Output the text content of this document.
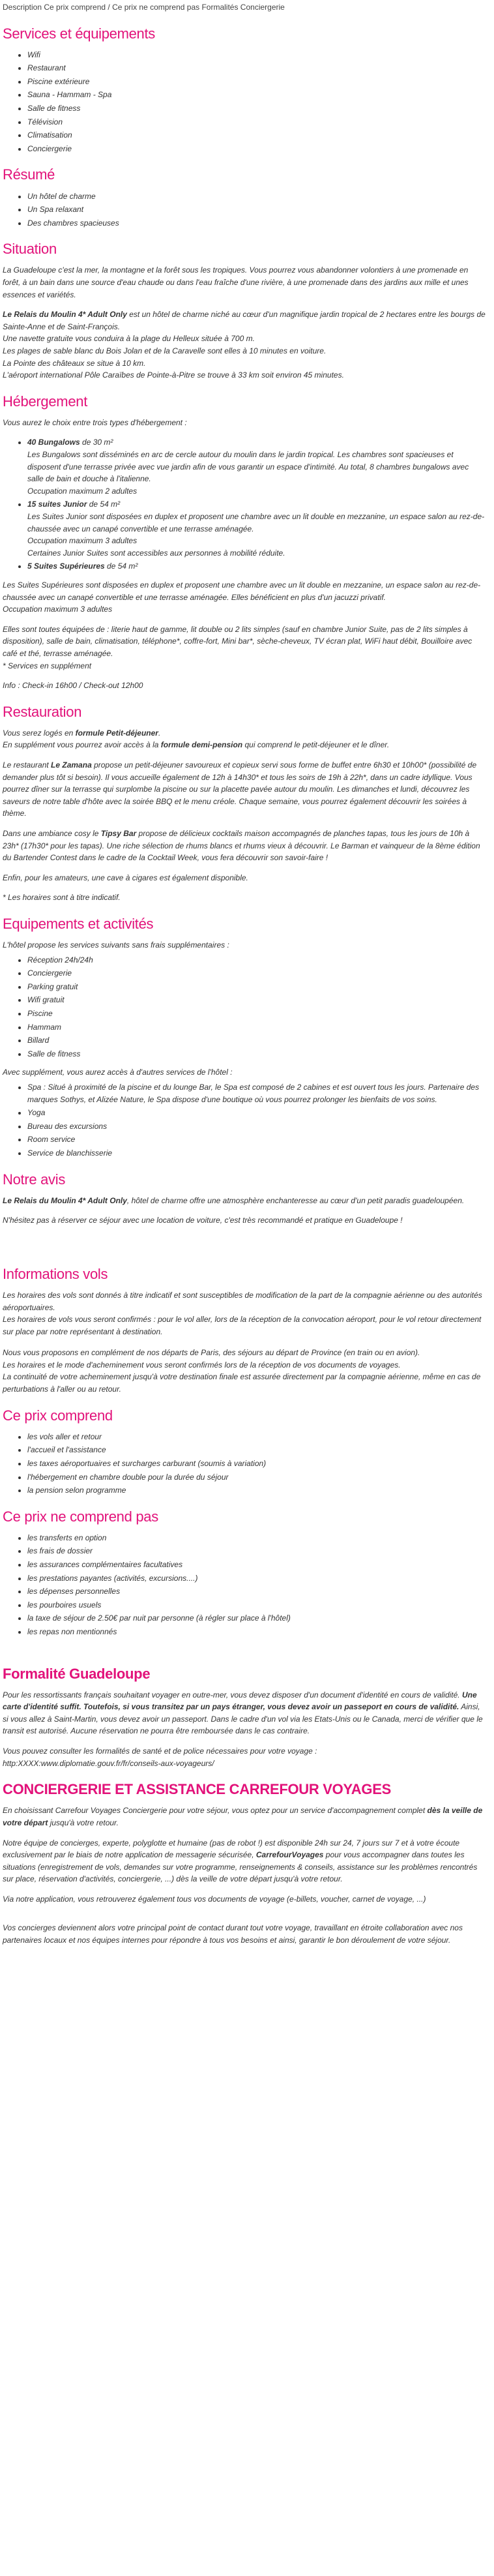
Description Ce prix comprend / Ce prix ne comprend pas Formalités Conciergerie
Services et équipements
• Wifi
• Restaurant
• Piscine extérieure
• Sauna - Hammam - Spa
• Salle de fitness
• Télévision
• Climatisation
• Conciergerie
Résumé
• Un hôtel de charme
• Un Spa relaxant
• Des chambres spacieuses
Situation

La Guadeloupe c'est la mer, la montagne et la forêt sous les tropiques. Vous pourrez vous abandonner volontiers à une promenade en forêt, à un bain dans une source d'eau chaude ou dans l'eau fraîche d'une rivière, à une promenade dans des jardins aux mille et unes essences et variétés.

Le Relais du Moulin 4* Adult Only est un hôtel de charme niché au cœur d'un magnifique jardin tropical de 2 hectares entre les bourgs de Sainte-Anne et de Saint-François.

Une navette gratuite vous conduira à la plage du Helleux située à 700 m.
Les plages de sable blanc du Bois Jolan et de la Caravelle sont elles à 10 minutes en voiture.
La Pointe des châteaux se situe à 10 km.
L'aéroport international Pôle Caraïbes de Pointe-à-Pitre se trouve à 33 km soit environ 45 minutes.
Hébergement

Vous aurez le choix entre trois types d'hébergement :

• 40 Bungalows de 30 m²
Les Bungalows sont disséminés en arc de cercle autour du moulin dans le jardin tropical. Les chambres sont spacieuses et disposent d'une terrasse privée avec vue jardin afin de vous garantir un espace d'intimité. Au total, 8 chambres bungalows avec salle de bain et douche à l'italienne.
Occupation maximum 2 adultes
• 15 suites Junior de 54 m²
Les Suites Junior sont disposées en duplex et proposent une chambre avec un lit double en mezzanine, un espace salon au rez-de-chaussée avec un canapé convertible et une terrasse aménagée.
Occupation maximum 3 adultes
Certaines Junior Suites sont accessibles aux personnes à mobilité réduite.
• 5 Suites Supérieures de 54 m²

Les Suites Supérieures sont disposées en duplex et proposent une chambre avec un lit double en mezzanine, un espace salon au rez-de-chaussée avec un canapé convertible et une terrasse aménagée. Elles bénéficient en plus d'un jacuzzi privatif.
Occupation maximum 3 adultes

Elles sont toutes équipées de : literie haut de gamme, lit double ou 2 lits simples (sauf en chambre Junior Suite, pas de 2 lits simples à disposition), salle de bain, climatisation, téléphone*, coffre-fort, Mini bar*, sèche-cheveux, TV écran plat, WiFi haut débit, Bouilloire avec café et thé, terrasse aménagée.
* Services en supplément

Info : Check-in 16h00 / Check-out 12h00

Restauration

Vous serez logés en formule Petit-déjeuner.
En supplément vous pourrez avoir accès à la formule demi-pension qui comprend le petit-déjeuner et le dîner.

Le restaurant Le Zamana propose un petit-déjeuner savoureux et copieux servi sous forme de buffet entre 6h30 et 10h00* (possibilité de demander plus tôt si besoin). Il vous accueille également de 12h à 14h30* et tous les soirs de 19h à 22h*, dans un cadre idyllique. Vous pourrez dîner sur la terrasse qui surplombe la piscine ou sur la placette pavée autour du moulin. Les dimanches et lundi, découvrez les saveurs de notre table d'hôte avec la soirée BBQ et le menu créole. Chaque semaine, vous pourrez également découvrir les soirées à thème.

Dans une ambiance cosy le Tipsy Bar propose de délicieux cocktails maison accompagnés de planches tapas, tous les jours de 10h à 23h* (17h30* pour les tapas). Une riche sélection de rhums blancs et rhums vieux à découvrir. Le Barman et vainqueur de la 8ème édition du Bartender Contest dans le cadre de la Cocktail Week, vous fera découvrir son savoir-faire !

Enfin, pour les amateurs, une cave à cigares est également disponible.

* Les horaires sont à titre indicatif.

Equipements et activités

L'hôtel propose les services suivants sans frais supplémentaires :

• Réception 24h/24h
• Conciergerie
• Parking gratuit
• Wifi gratuit
• Piscine
• Hammam
• Billard
• Salle de fitness

Avec supplément, vous aurez accès à d'autres services de l'hôtel :

• Spa : Situé à proximité de la piscine et du lounge Bar, le Spa est composé de 2 cabines et est ouvert tous les jours. Partenaire des marques Sothys, et Alizée Nature, le Spa dispose d'une boutique où vous pourrez prolonger les bienfaits de vos soins.
• Yoga
• Bureau des excursions
• Room service
• Service de blanchisserie
Notre avis

Le Relais du Moulin 4* Adult Only, hôtel de charme offre une atmosphère enchanteresse au cœur d'un petit paradis guadeloupéen.

N'hésitez pas à réserver ce séjour avec une location de voiture, c'est très recommandé et pratique en Guadeloupe !

Informations vols

Les horaires des vols sont donnés à titre indicatif et sont susceptibles de modification de la part de la compagnie aérienne ou des autorités aéroportuaires.
Les horaires de vols vous seront confirmés : pour le vol aller, lors de la réception de la convocation aéroport, pour le vol retour directement sur place par notre représentant à destination.

Nous vous proposons en complément de nos départs de Paris, des séjours au départ de Province (en train ou en avion).
Les horaires et le mode d'acheminement vous seront confirmés lors de la réception de vos documents de voyages.
La continuité de votre acheminement jusqu'à votre destination finale est assurée directement par la compagnie aérienne, même en cas de perturbations à l'aller ou au retour.

Ce prix comprend
• les vols aller et retour
• l'accueil et l'assistance
• les taxes aéroportuaires et surcharges carburant (soumis à variation)
• l'hébergement en chambre double pour la durée du séjour
• la pension selon programme
Ce prix ne comprend pas
• les transferts en option
• les frais de dossier
• les assurances complémentaires facultatives
• les prestations payantes (activités, excursions....)
• les dépenses personnelles
• les pourboires usuels
• la taxe de séjour de 2.50€ par nuit par personne (à régler sur place à l'hôtel)
• les repas non mentionnés
Formalité Guadeloupe

Pour les ressortissants français souhaitant voyager en outre-mer, vous devez disposer d'un document d'identité en cours de validité. Une carte d'identité suffit. Toutefois, si vous transitez par un pays étranger, vous devez avoir un passeport en cours de validité. Ainsi, si vous allez à Saint-Martin, vous devez avoir un passeport. Dans le cadre d'un vol via les Etats-Unis ou le Canada, merci de vérifier que le transit est autorisé. Aucune réservation ne pourra être remboursée dans le cas contraire.

Vous pouvez consulter les formalités de santé et de police nécessaires pour votre voyage :
http:XXXX:www.diplomatie.gouv.fr/fr/conseils-aux-voyageurs/

CONCIERGERIE ET ASSISTANCE CARREFOUR VOYAGES

En choisissant Carrefour Voyages Conciergerie pour votre séjour, vous optez pour un service d'accompagnement complet dès la veille de votre départ jusqu'à votre retour.

Notre équipe de concierges, experte, polyglotte et humaine (pas de robot !) est disponible 24h sur 24, 7 jours sur 7 et à votre écoute exclusivement par le biais de notre application de messagerie sécurisée, CarrefourVoyages pour vous accompagner dans toutes les situations (enregistrement de vols, demandes sur votre programme, renseignements & conseils, assistance sur les problèmes rencontrés sur place, réservation d'activités, conciergerie, ...) dès la veille de votre départ jusqu'à votre retour.

Via notre application, vous retrouverez également tous vos documents de voyage (e-billets, voucher, carnet de voyage, ...)

Vos concierges deviennent alors votre principal point de contact durant tout votre voyage, travaillant en étroite collaboration avec nos partenaires locaux et nos équipes internes pour répondre à tous vos besoins et ainsi, garantir le bon déroulement de votre séjour.
